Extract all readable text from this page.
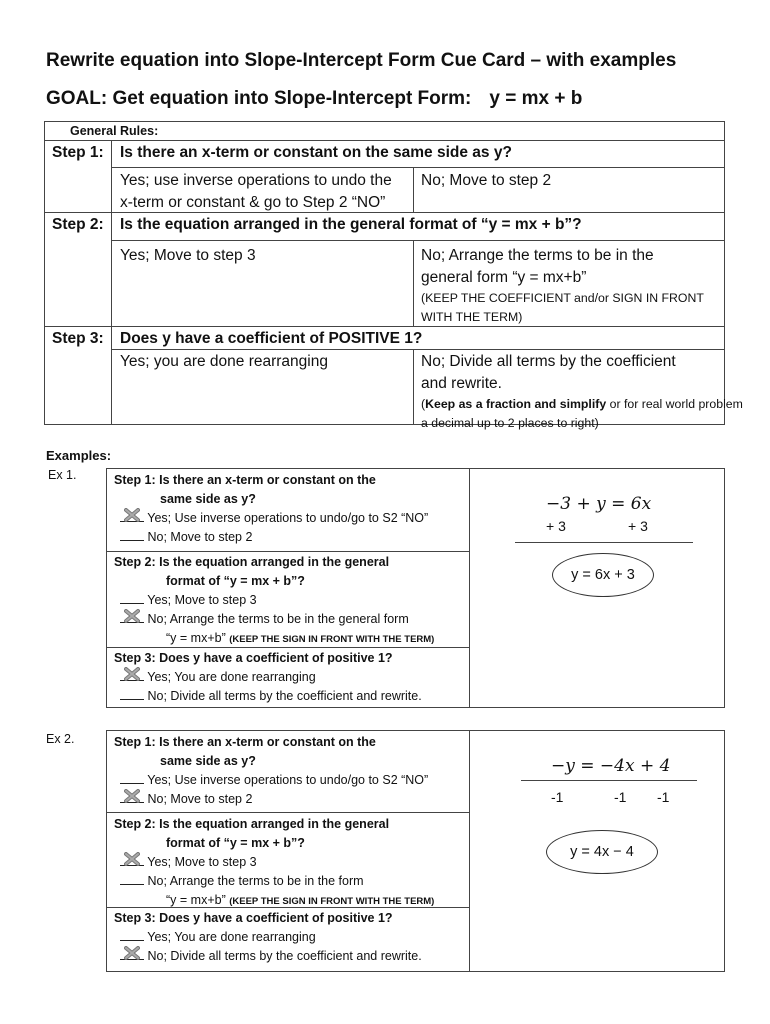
Rewrite equation into Slope-Intercept Form Cue Card – with examples
GOAL: Get equation into Slope-Intercept Form: y = mx + b
General Rules:
Step 1: Is there an x-term or constant on the same side as y?
Yes; use inverse operations to undo the
x-term or constant & go to Step 2 “NO”
No; Move to step 2
Step 2: Is the equation arranged in the general format of “y = mx + b”?
Yes; Move to step 3	No; Arrange the terms to be in the
general form “y = mx+b”
(KEEP THE COEFFICIENT and/or SIGN IN FRONT
WITH THE TERM)
Step 3: Does y have a coefficient of POSITIVE 1?
Yes; you are done rearranging	No; Divide all terms by the coefficient
and rewrite.
(Keep as a fraction and simplify or for real world problem
a decimal up to 2 places to right)
Examples:
Ex 1.	Step 1: Is there an x-term or constant on the
same side as y?
Yes; Use inverse operations to undo/go to S2 “NO”
No; Move to step 2
Step 2: Is the equation arranged in the general
format of “y = mx + b”?
Yes; Move to step 3
No; Arrange the terms to be in the general form
“y = mx+b” (KEEP THE SIGN IN FRONT WITH THE TERM)
Step 3: Does y have a coefficient of positive 1?
Yes; You are done rearranging
No; Divide all terms by the coefficient and rewrite.
−3 + y = 6x
+ 3	+ 3
y = 6x + 3
Ex 2.	Step 1: Is there an x-term or constant on the
same side as y?
Yes; Use inverse operations to undo/go to S2 “NO”
No; Move to step 2
Step 2: Is the equation arranged in the general
format of “y = mx + b”?
Yes; Move to step 3
No; Arrange the terms to be in the form
“y = mx+b” (KEEP THE SIGN IN FRONT WITH THE TERM)
Step 3: Does y have a coefficient of positive 1?
Yes; You are done rearranging
No; Divide all terms by the coefficient and rewrite.
−y = −4x + 4
-1	-1 -1
y = 4x − 4
